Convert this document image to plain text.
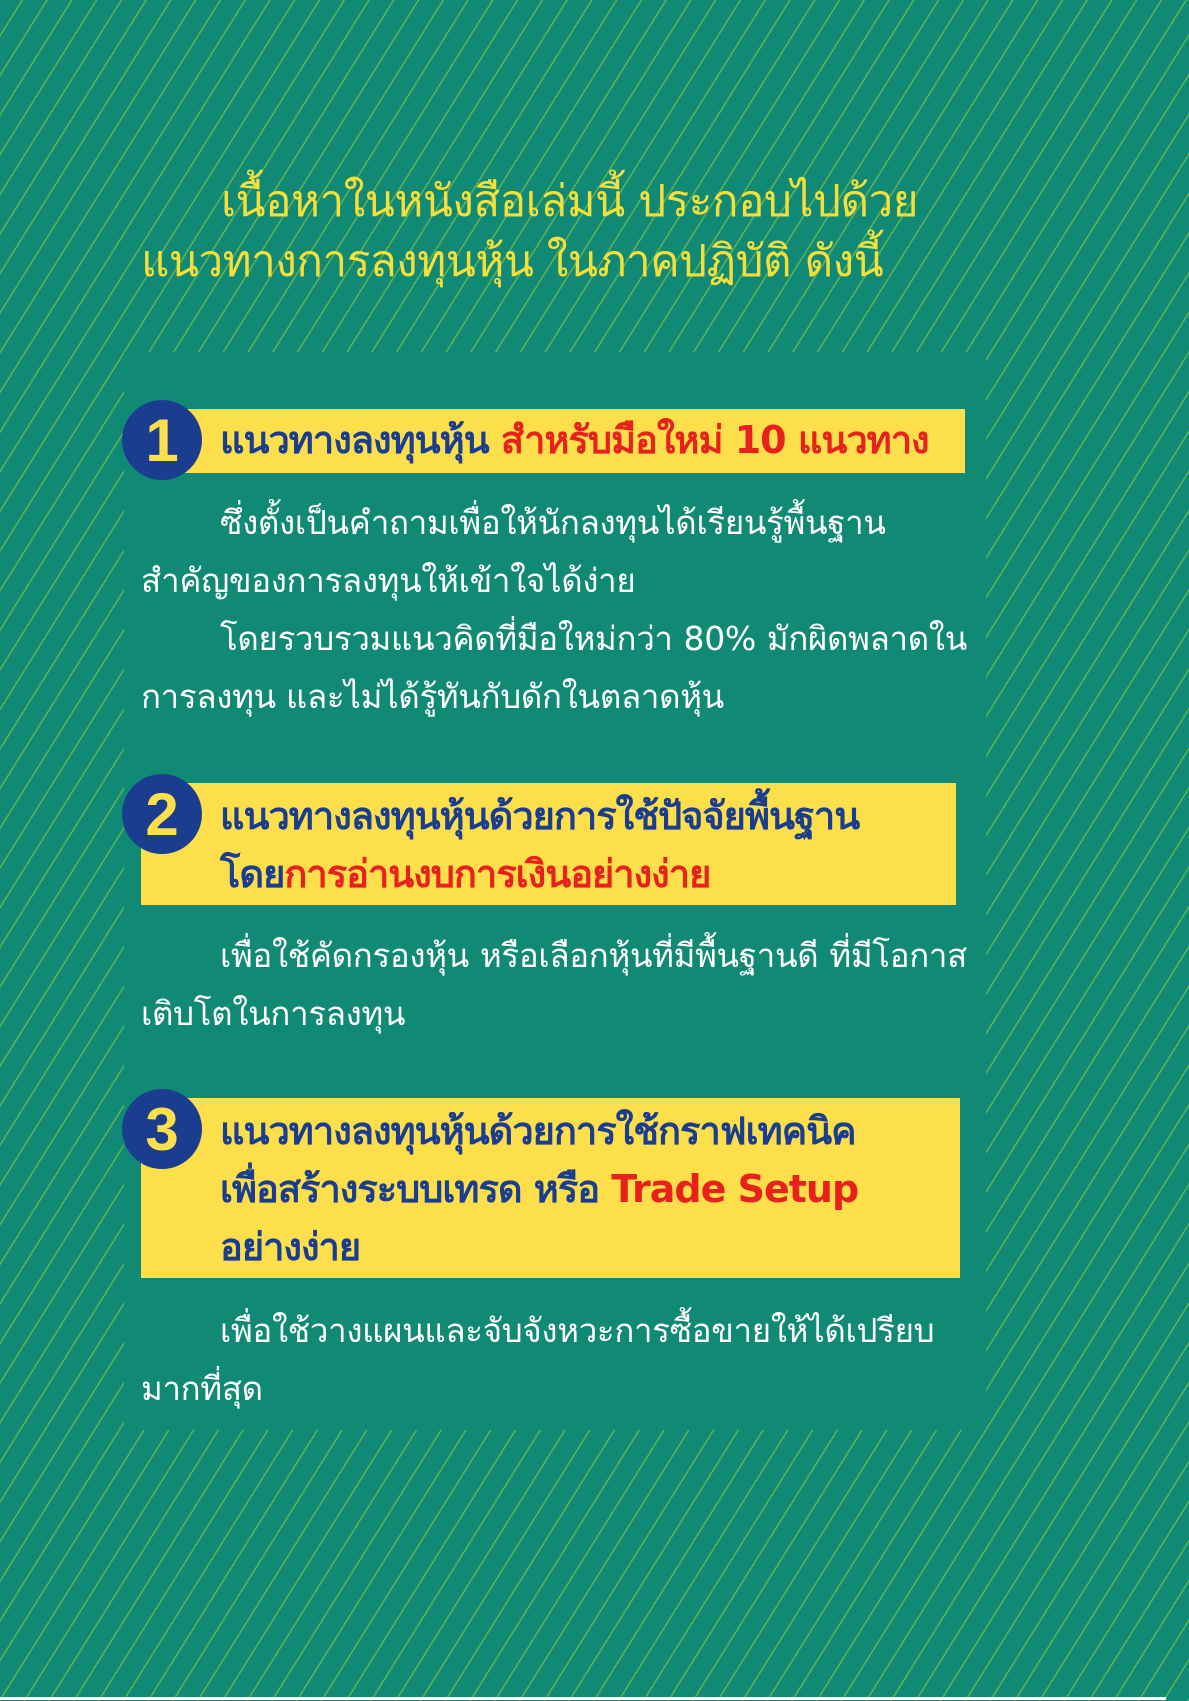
เนื้อหาในหนังสือเล่มนี้ ประกอบไปด้วย
แนวทางการลงทุนหุ้น ในภาคปฏิบัติ ดังนี้
แนวทางลงทุนหุ้น สำหรับมือใหม่ 10 แนวทาง
1
ซึ่งตั้งเป็นคำถามเพื่อให้นักลงทุนได้เรียนรู้พื้นฐานสำคัญของการลงทุนให้เข้าใจได้ง่าย
โดยรวบรวมแนวคิดที่มือใหม่กว่า 80% มักผิดพลาดในการลงทุน และไม่ได้รู้ทันกับดักในตลาดหุ้น
แนวทางลงทุนหุ้นด้วยการใช้ปัจจัยพื้นฐาน
โดยการอ่านงบการเงินอย่างง่าย
2
เพื่อใช้คัดกรองหุ้น หรือเลือกหุ้นที่มีพื้นฐานดี ที่มีโอกาสเติบโตในการลงทุน
แนวทางลงทุนหุ้นด้วยการใช้กราฟเทคนิค
เพื่อสร้างระบบเทรด หรือ Trade Setup
อย่างง่าย
3
เพื่อใช้วางแผนและจับจังหวะการซื้อขายให้ได้เปรียบมากที่สุด
